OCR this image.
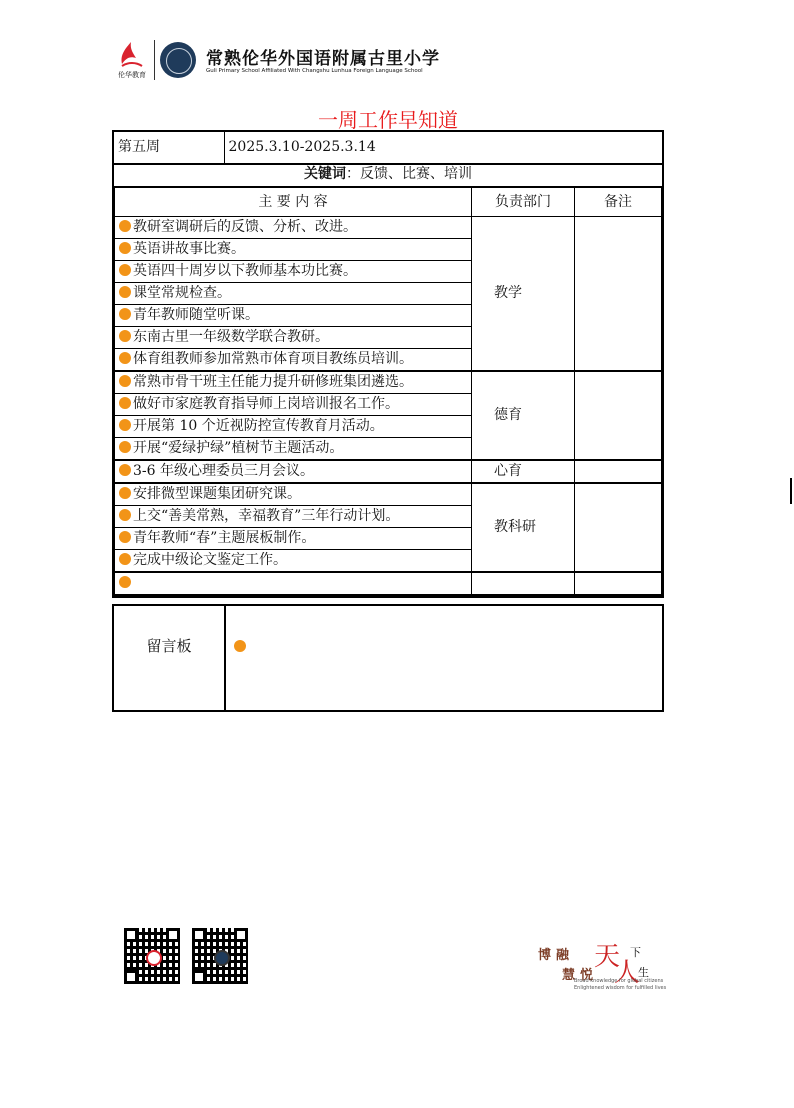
伦华教育
常熟伦华外国语附属古里小学
Guli Primary School Affiliated With Changshu Lunhua Foreign Language School
一周工作早知道
第五周	2025.3.10-2025.3.14
关键词：反馈、比赛、培训
主 要 内 容	负责部门	备注
教研室调研后的反馈、分析、改进。	教学	
英语讲故事比赛。		
英语四十周岁以下教师基本功比赛。		
课堂常规检查。		
青年教师随堂听课。		
东南古里一年级数学联合教研。		
体育组教师参加常熟市体育项目教练员培训。		
常熟市骨干班主任能力提升研修班集团遴选。	德育	
做好市家庭教育指导师上岗培训报名工作。		
开展第 10 个近视防控宣传教育月活动。		
开展“爱绿护绿”植树节主题活动。		
3-6 年级心理委员三月会议。	心育	
安排微型课题集团研究课。	教科研	
上交“善美常熟，幸福教育”三年行动计划。		
青年教师“春”主题展板制作。		
完成中级论文鉴定工作。		

留言板
博融 天 下
慧悦 人
生
Broad knowledge for global citizens
Enlightened wisdom for fulfilled lives
